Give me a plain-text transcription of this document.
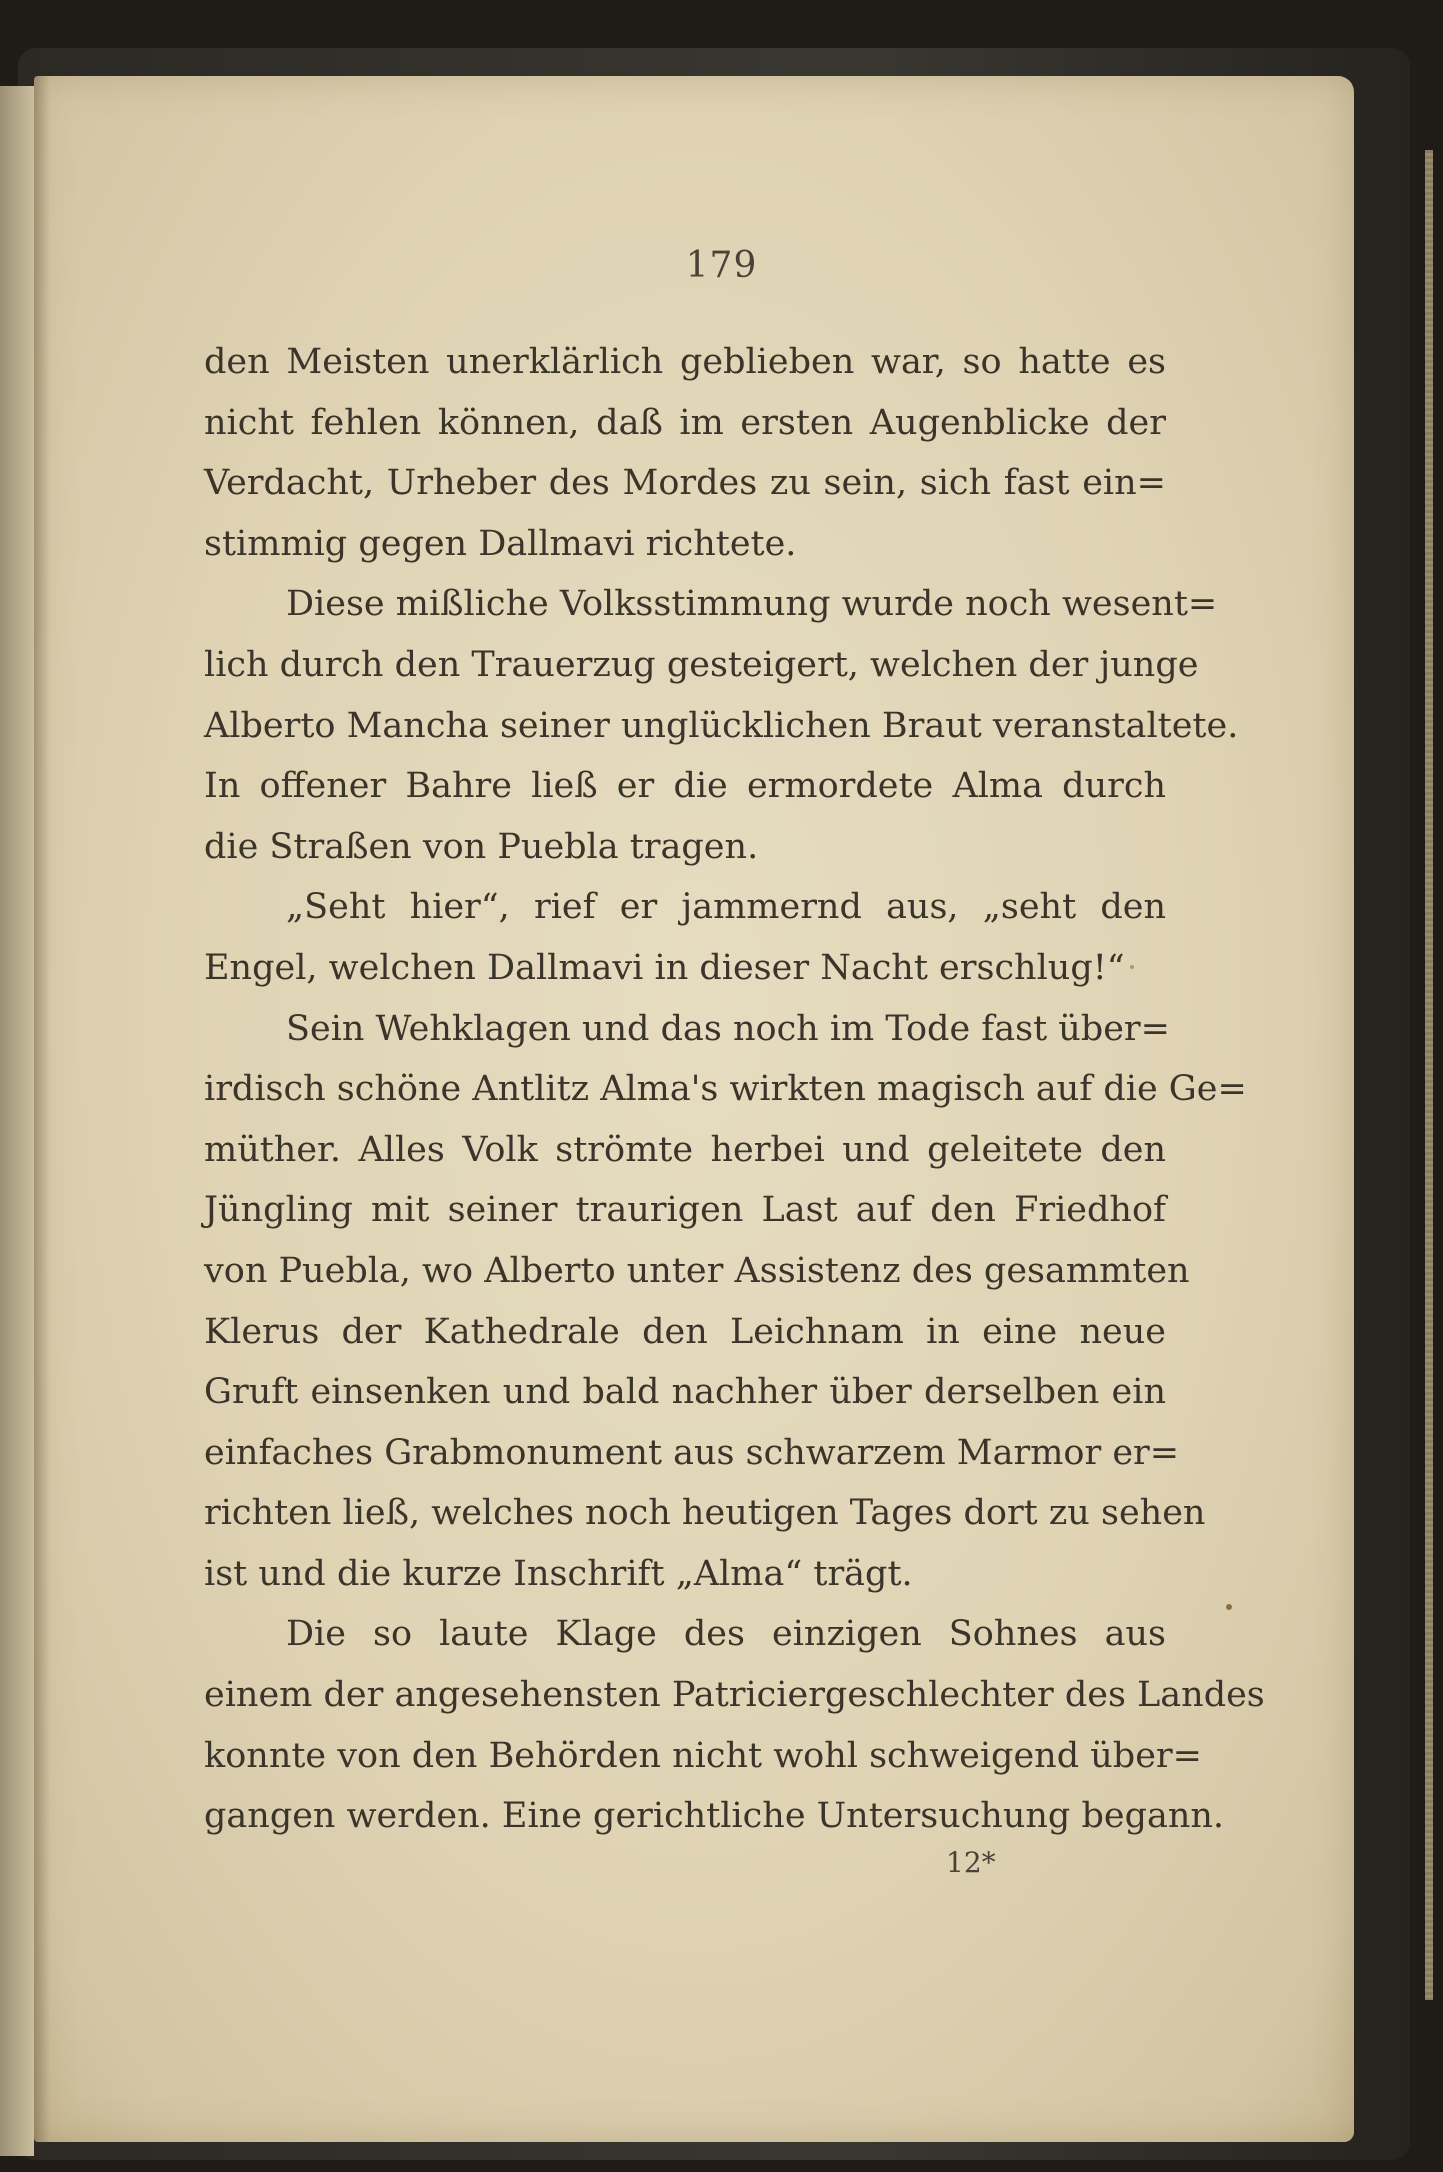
179
den Meisten unerklärlich geblieben war, so hatte es
nicht fehlen können, daß im ersten Augenblicke der
Verdacht, Urheber des Mordes zu sein, sich fast ein=
stimmig gegen Dallmavi richtete.
Diese mißliche Volksstimmung wurde noch wesent=
lich durch den Trauerzug gesteigert, welchen der junge
Alberto Mancha seiner unglücklichen Braut veranstaltete.
In offener Bahre ließ er die ermordete Alma durch
die Straßen von Puebla tragen.
„Seht hier“, rief er jammernd aus, „seht den
Engel, welchen Dallmavi in dieser Nacht erschlug!“
Sein Wehklagen und das noch im Tode fast über=
irdisch schöne Antlitz Alma's wirkten magisch auf die Ge=
müther. Alles Volk strömte herbei und geleitete den
Jüngling mit seiner traurigen Last auf den Friedhof
von Puebla, wo Alberto unter Assistenz des gesammten
Klerus der Kathedrale den Leichnam in eine neue
Gruft einsenken und bald nachher über derselben ein
einfaches Grabmonument aus schwarzem Marmor er=
richten ließ, welches noch heutigen Tages dort zu sehen
ist und die kurze Inschrift „Alma“ trägt.
Die so laute Klage des einzigen Sohnes aus
einem der angesehensten Patriciergeschlechter des Landes
konnte von den Behörden nicht wohl schweigend über=
gangen werden. Eine gerichtliche Untersuchung begann.
12*
